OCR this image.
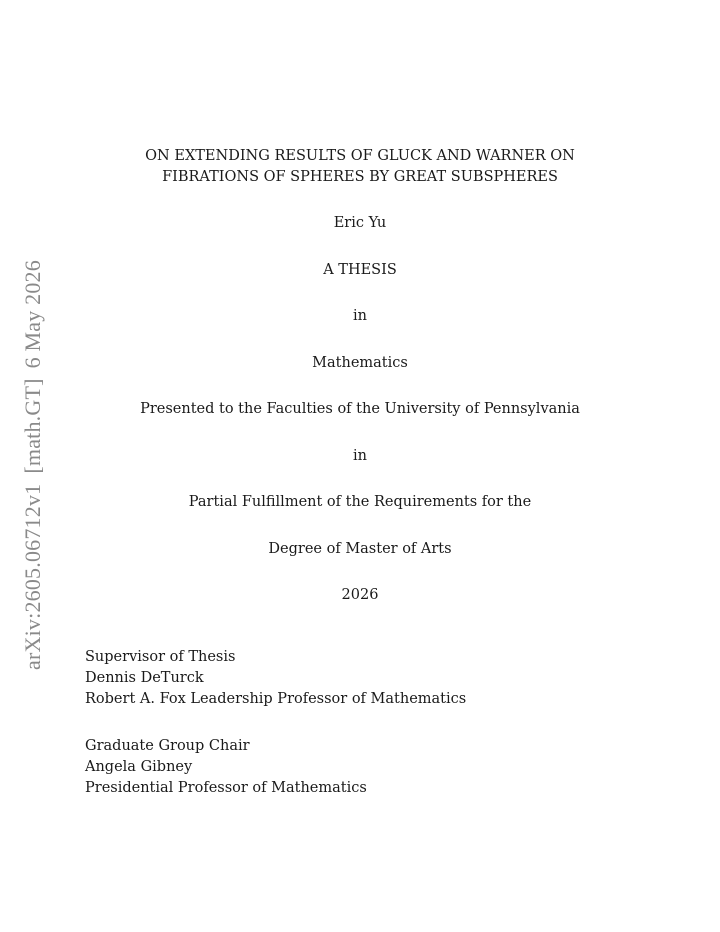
arXiv:2605.06712v1[math.GT]6 May 2026
ON EXTENDING RESULTS OF GLUCK AND WARNER ON
FIBRATIONS OF SPHERES BY GREAT SUBSPHERES
Eric Yu
A THESIS
in
Mathematics
Presented to the Faculties of the University of Pennsylvania
in
Partial Fulfillment of the Requirements for the
Degree of Master of Arts
2026
Supervisor of Thesis
Dennis DeTurck
Robert A. Fox Leadership Professor of Mathematics
Graduate Group Chair
Angela Gibney
Presidential Professor of Mathematics
